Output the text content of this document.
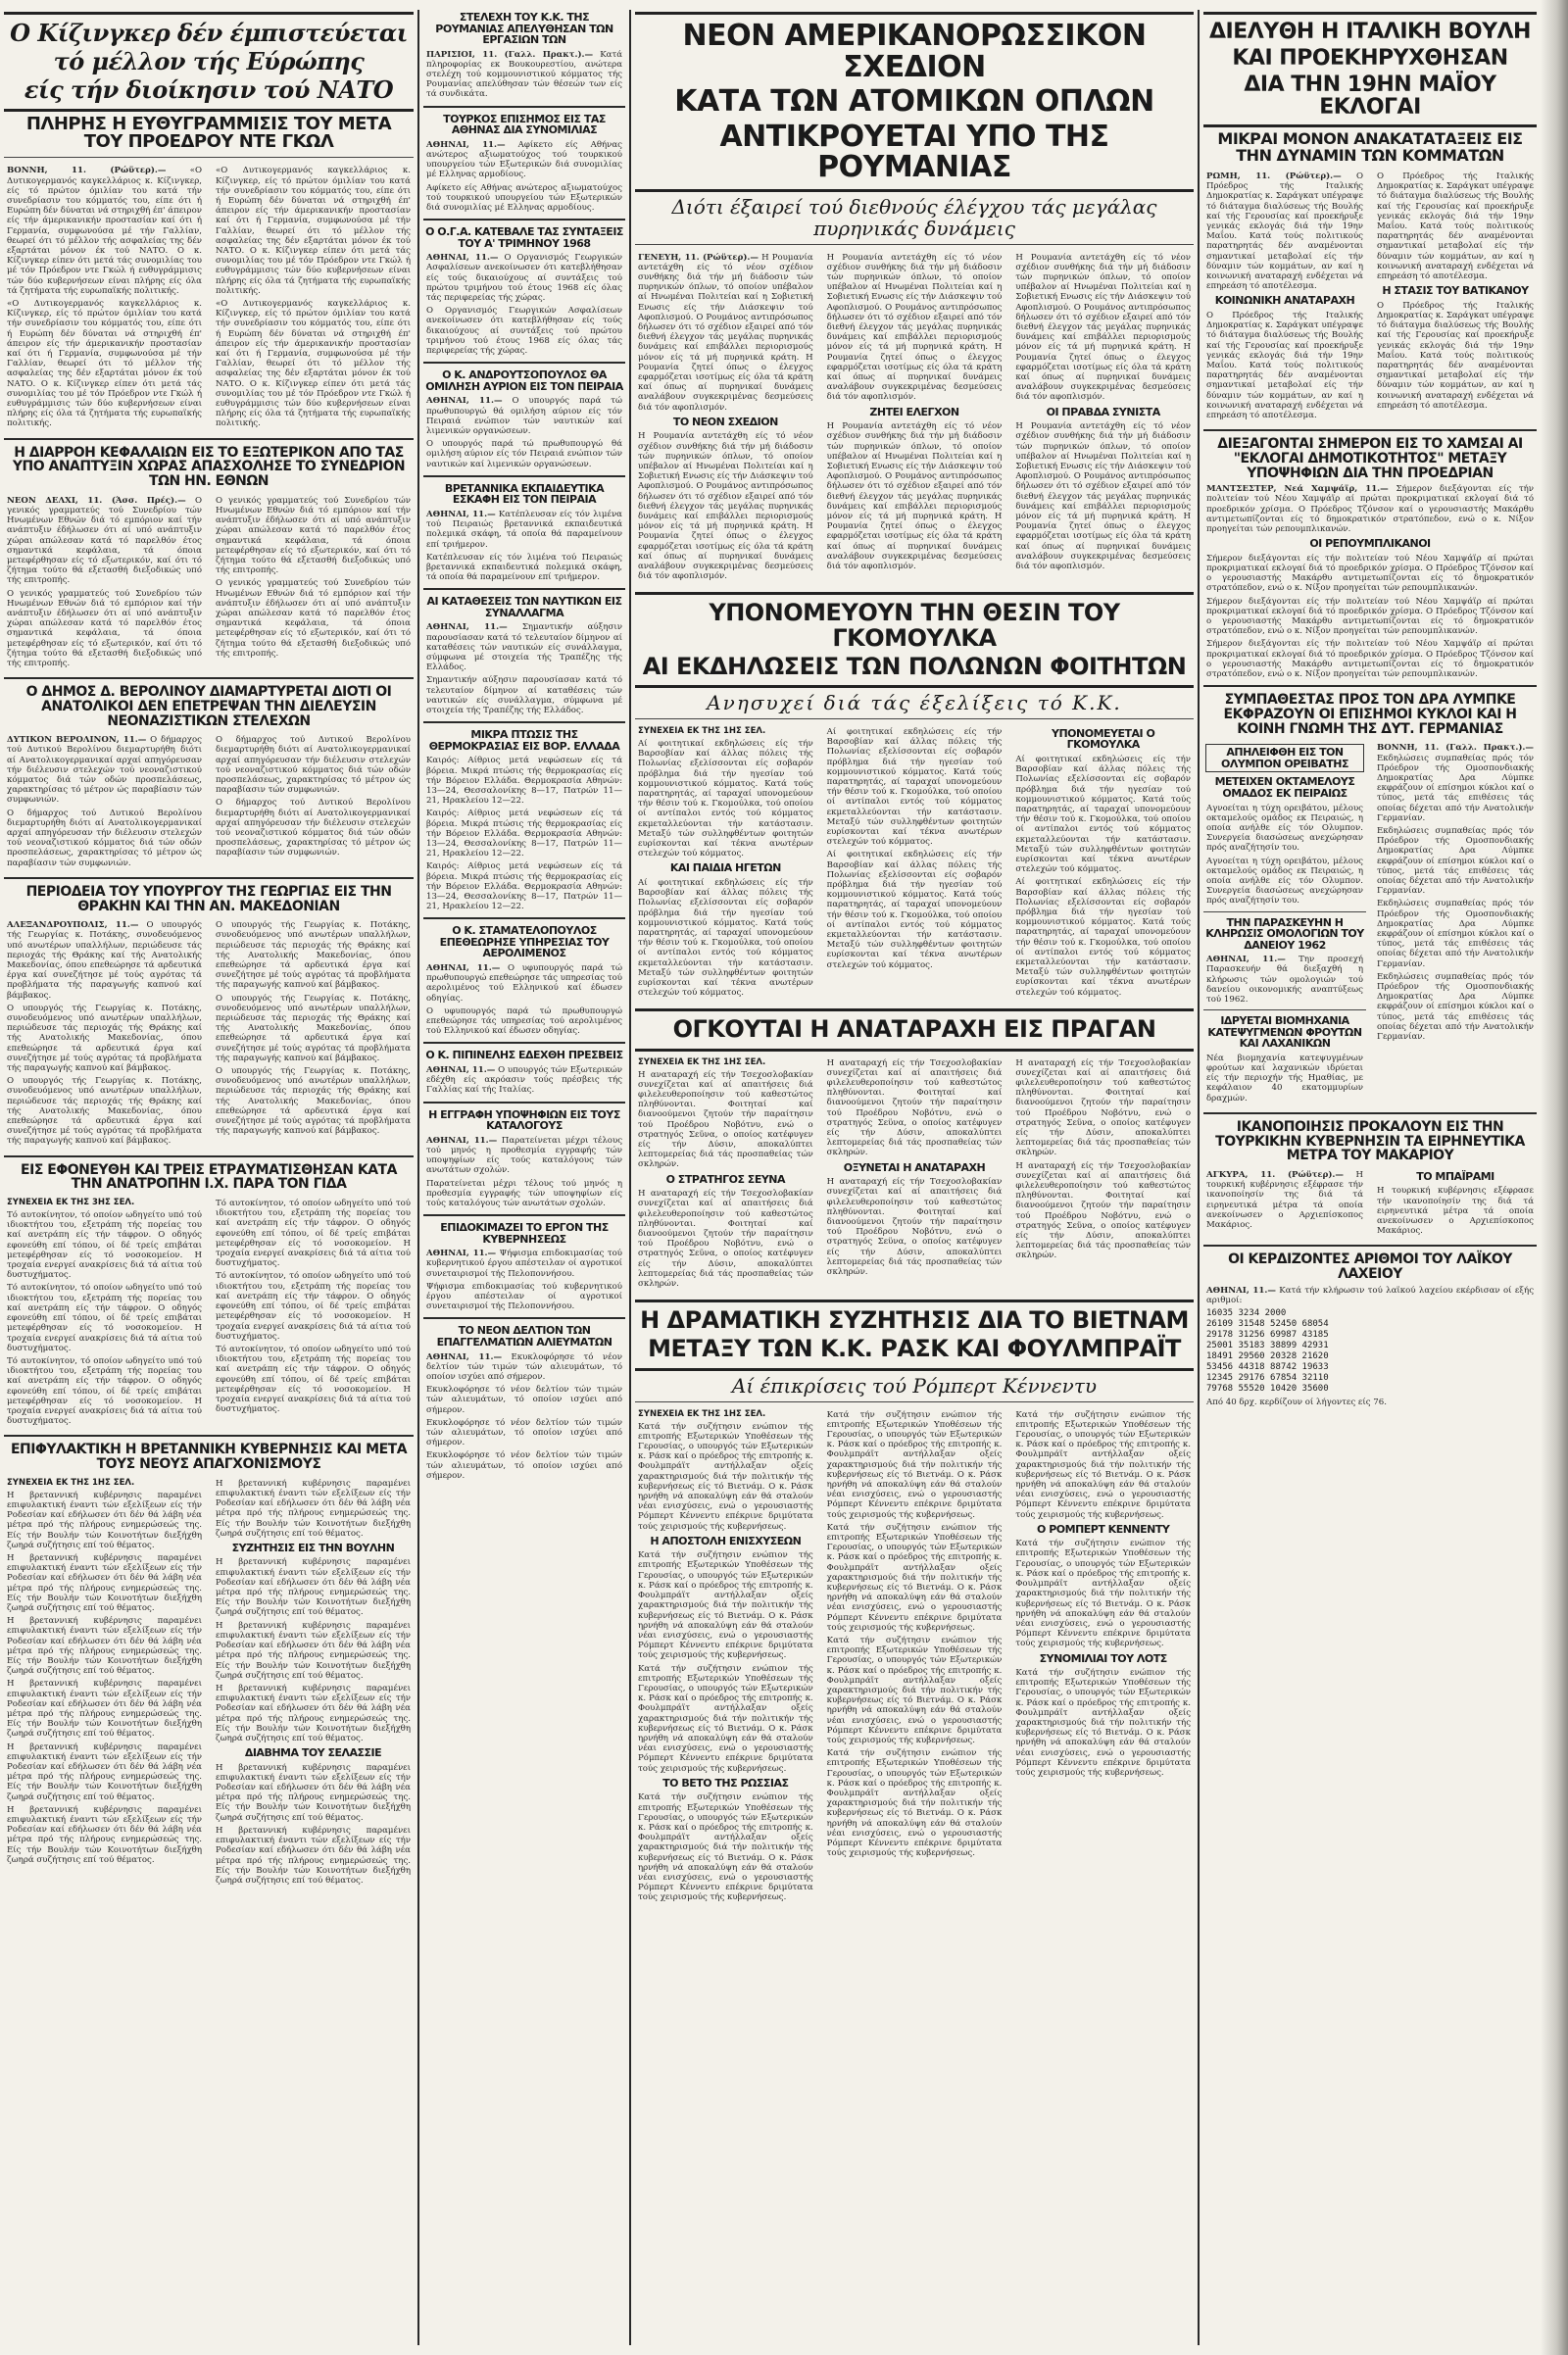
Ο Κίζινγκερ δέν έμπιστεύεται
τό μέλλον τής Εύρώπης
είς τήν διοίκησιν τού ΝΑΤΟ
ΠΛΗΡΗΣ Η ΕΥΘΥΓΡΑΜΜΙΣΙΣ ΤΟΥ ΜΕΤΑ ΤΟΥ ΠΡΟΕΔΡΟΥ ΝΤΕ ΓΚΩΛ

ΒΟΝΝΗ, 11. (Ρώϋτερ).—	«Ο Δυτικογερμανός καγκελλάριος κ. Κίζινγκερ, είς τό πρώτον όμιλίαν του κατά τήν συνεδρίασιν του κόμματός του, είπε ότι ή Ευρώπη δέν δύναται νά στηριχθή έπ' άπειρον είς τήν άμερικανικήν προστασίαν καί ότι ή Γερμανία, συμφωνούσα μέ τήν Γαλλίαν, θεωρεί ότι τό μέλλον τής ασφαλείας της δέν εξαρτάται μόνον έκ τού ΝΑΤΟ. Ο κ. Κίζινγκερ είπεν ότι μετά τάς συνομιλίας του μέ τόν Πρόεδρον ντε Γκώλ ή ευθυγράμμισις τών δύο κυβερνήσεων είναι πλήρης είς όλα τά ζητήματα τής ευρωπαϊκής πολιτικής.

«Ο Δυτικογερμανός καγκελλάριος κ. Κίζινγκερ, είς τό πρώτον όμιλίαν του κατά τήν συνεδρίασιν του κόμματός του, είπε ότι ή Ευρώπη δέν δύναται νά στηριχθή έπ' άπειρον είς τήν άμερικανικήν προστασίαν καί ότι ή Γερμανία, συμφωνούσα μέ τήν Γαλλίαν, θεωρεί ότι τό μέλλον τής ασφαλείας της δέν εξαρτάται μόνον έκ τού ΝΑΤΟ. Ο κ. Κίζινγκερ είπεν ότι μετά τάς συνομιλίας του μέ τόν Πρόεδρον ντε Γκώλ ή ευθυγράμμισις τών δύο κυβερνήσεων είναι πλήρης είς όλα τά ζητήματα τής ευρωπαϊκής πολιτικής.

«Ο Δυτικογερμανός καγκελλάριος κ. Κίζινγκερ, είς τό πρώτον όμιλίαν του κατά τήν συνεδρίασιν του κόμματός του, είπε ότι ή Ευρώπη δέν δύναται νά στηριχθή έπ' άπειρον είς τήν άμερικανικήν προστασίαν καί ότι ή Γερμανία, συμφωνούσα μέ τήν Γαλλίαν, θεωρεί ότι τό μέλλον τής ασφαλείας της δέν εξαρτάται μόνον έκ τού ΝΑΤΟ. Ο κ. Κίζινγκερ είπεν ότι μετά τάς συνομιλίας του μέ τόν Πρόεδρον ντε Γκώλ ή ευθυγράμμισις τών δύο κυβερνήσεων είναι πλήρης είς όλα τά ζητήματα τής ευρωπαϊκής πολιτικής.

«Ο Δυτικογερμανός καγκελλάριος κ. Κίζινγκερ, είς τό πρώτον όμιλίαν του κατά τήν συνεδρίασιν του κόμματός του, είπε ότι ή Ευρώπη δέν δύναται νά στηριχθή έπ' άπειρον είς τήν άμερικανικήν προστασίαν καί ότι ή Γερμανία, συμφωνούσα μέ τήν Γαλλίαν, θεωρεί ότι τό μέλλον τής ασφαλείας της δέν εξαρτάται μόνον έκ τού ΝΑΤΟ. Ο κ. Κίζινγκερ είπεν ότι μετά τάς συνομιλίας του μέ τόν Πρόεδρον ντε Γκώλ ή ευθυγράμμισις τών δύο κυβερνήσεων είναι πλήρης είς όλα τά ζητήματα τής ευρωπαϊκής πολιτικής.

Η ΔΙΑΡΡΟΗ ΚΕΦΑΛΑΙΩΝ ΕΙΣ ΤΟ ΕΞΩΤΕΡΙΚΟΝ ΑΠΟ ΤΑΣ ΥΠΟ ΑΝΑΠΤΥΞΙΝ ΧΩΡΑΣ ΑΠΑΣΧΟΛΗΣΕ ΤΟ ΣΥΝΕΔΡΙΟΝ ΤΩΝ ΗΝ. ΕΘΝΩΝ

ΝΕΟΝ ΔΕΛΧΙ, 11. (Άσσ. Πρές).— Ο γενικός γραμματεύς τού Συνεδρίου τών Ηνωμένων Εθνών διά τό εμπόριον καί τήν ανάπτυξιν έδήλωσεν ότι αί υπό ανάπτυξιν χώραι απώλεσαν κατά τό παρελθόν έτος σημαντικά κεφάλαια, τά όποια μετεφέρθησαν είς τό εξωτερικόν, καί ότι τό ζήτημα τούτο θά εξετασθή διεξοδικώς υπό τής επιτροπής.

Ο γενικός γραμματεύς τού Συνεδρίου τών Ηνωμένων Εθνών διά τό εμπόριον καί τήν ανάπτυξιν έδήλωσεν ότι αί υπό ανάπτυξιν χώραι απώλεσαν κατά τό παρελθόν έτος σημαντικά κεφάλαια, τά όποια μετεφέρθησαν είς τό εξωτερικόν, καί ότι τό ζήτημα τούτο θά εξετασθή διεξοδικώς υπό τής επιτροπής.

Ο γενικός γραμματεύς τού Συνεδρίου τών Ηνωμένων Εθνών διά τό εμπόριον καί τήν ανάπτυξιν έδήλωσεν ότι αί υπό ανάπτυξιν χώραι απώλεσαν κατά τό παρελθόν έτος σημαντικά κεφάλαια, τά όποια μετεφέρθησαν είς τό εξωτερικόν, καί ότι τό ζήτημα τούτο θά εξετασθή διεξοδικώς υπό τής επιτροπής.

Ο γενικός γραμματεύς τού Συνεδρίου τών Ηνωμένων Εθνών διά τό εμπόριον καί τήν ανάπτυξιν έδήλωσεν ότι αί υπό ανάπτυξιν χώραι απώλεσαν κατά τό παρελθόν έτος σημαντικά κεφάλαια, τά όποια μετεφέρθησαν είς τό εξωτερικόν, καί ότι τό ζήτημα τούτο θά εξετασθή διεξοδικώς υπό τής επιτροπής.

Ο ΔΗΜΟΣ Δ. ΒΕΡΟΛΙΝΟΥ ΔΙΑΜΑΡΤΥΡΕΤΑΙ ΔΙΟΤΙ ΟΙ ΑΝΑΤΟΛΙΚΟΙ ΔΕΝ ΕΠΕΤΡΕΨΑΝ ΤΗΝ ΔΙΕΛΕΥΣΙΝ ΝΕΟΝΑΖΙΣΤΙΚΩΝ ΣΤΕΛΕΧΩΝ

ΔΥΤΙΚΟΝ ΒΕΡΟΛΙΝΟΝ, 11.— Ο δήμαρχος τού Δυτικού Βερολίνου διεμαρτυρήθη διότι αί Ανατολικογερμανικαί αρχαί απηγόρευσαν τήν διέλευσιν στελεχών τού νεοναζιστικού κόμματος διά τών οδών προσπελάσεως, χαρακτηρίσας τό μέτρον ώς παραβίασιν τών συμφωνιών.

Ο δήμαρχος τού Δυτικού Βερολίνου διεμαρτυρήθη διότι αί Ανατολικογερμανικαί αρχαί απηγόρευσαν τήν διέλευσιν στελεχών τού νεοναζιστικού κόμματος διά τών οδών προσπελάσεως, χαρακτηρίσας τό μέτρον ώς παραβίασιν τών συμφωνιών.

Ο δήμαρχος τού Δυτικού Βερολίνου διεμαρτυρήθη διότι αί Ανατολικογερμανικαί αρχαί απηγόρευσαν τήν διέλευσιν στελεχών τού νεοναζιστικού κόμματος διά τών οδών προσπελάσεως, χαρακτηρίσας τό μέτρον ώς παραβίασιν τών συμφωνιών.

Ο δήμαρχος τού Δυτικού Βερολίνου διεμαρτυρήθη διότι αί Ανατολικογερμανικαί αρχαί απηγόρευσαν τήν διέλευσιν στελεχών τού νεοναζιστικού κόμματος διά τών οδών προσπελάσεως, χαρακτηρίσας τό μέτρον ώς παραβίασιν τών συμφωνιών.

ΠΕΡΙΟΔΕΙΑ ΤΟΥ ΥΠΟΥΡΓΟΥ ΤΗΣ ΓΕΩΡΓΙΑΣ ΕΙΣ ΤΗΝ ΘΡΑΚΗΝ ΚΑΙ ΤΗΝ ΑΝ. ΜΑΚΕΔΟΝΙΑΝ

ΑΛΕΞΑΝΔΡΟΥΠΟΛΙΣ, 11.— Ο υπουργός τής Γεωργίας κ. Ποτάκης, συνοδευόμενος υπό ανωτέρων υπαλλήλων, περιώδευσε τάς περιοχάς τής Θράκης καί τής Ανατολικής Μακεδονίας, όπου επεθεώρησε τά αρδευτικά έργα καί συνεζήτησε μέ τούς αγρότας τά προβλήματα τής παραγωγής καπνού καί βάμβακος.

Ο υπουργός τής Γεωργίας κ. Ποτάκης, συνοδευόμενος υπό ανωτέρων υπαλλήλων, περιώδευσε τάς περιοχάς τής Θράκης καί τής Ανατολικής Μακεδονίας, όπου επεθεώρησε τά αρδευτικά έργα καί συνεζήτησε μέ τούς αγρότας τά προβλήματα τής παραγωγής καπνού καί βάμβακος.

Ο υπουργός τής Γεωργίας κ. Ποτάκης, συνοδευόμενος υπό ανωτέρων υπαλλήλων, περιώδευσε τάς περιοχάς τής Θράκης καί τής Ανατολικής Μακεδονίας, όπου επεθεώρησε τά αρδευτικά έργα καί συνεζήτησε μέ τούς αγρότας τά προβλήματα τής παραγωγής καπνού καί βάμβακος.

Ο υπουργός τής Γεωργίας κ. Ποτάκης, συνοδευόμενος υπό ανωτέρων υπαλλήλων, περιώδευσε τάς περιοχάς τής Θράκης καί τής Ανατολικής Μακεδονίας, όπου επεθεώρησε τά αρδευτικά έργα καί συνεζήτησε μέ τούς αγρότας τά προβλήματα τής παραγωγής καπνού καί βάμβακος.

Ο υπουργός τής Γεωργίας κ. Ποτάκης, συνοδευόμενος υπό ανωτέρων υπαλλήλων, περιώδευσε τάς περιοχάς τής Θράκης καί τής Ανατολικής Μακεδονίας, όπου επεθεώρησε τά αρδευτικά έργα καί συνεζήτησε μέ τούς αγρότας τά προβλήματα τής παραγωγής καπνού καί βάμβακος.

Ο υπουργός τής Γεωργίας κ. Ποτάκης, συνοδευόμενος υπό ανωτέρων υπαλλήλων, περιώδευσε τάς περιοχάς τής Θράκης καί τής Ανατολικής Μακεδονίας, όπου επεθεώρησε τά αρδευτικά έργα καί συνεζήτησε μέ τούς αγρότας τά προβλήματα τής παραγωγής καπνού καί βάμβακος.

ΕΙΣ ΕΦΟΝΕΥΘΗ ΚΑΙ ΤΡΕΙΣ ΕΤΡΑΥΜΑΤΙΣΘΗΣΑΝ ΚΑΤΑ ΤΗΝ ΑΝΑΤΡΟΠΗΝ Ι.Χ. ΠΑΡΑ ΤΟΝ ΓΙΔΑ
ΣΥΝΕΧΕΙΑ ΕΚ ΤΗΣ 3ΗΣ ΣΕΛ.

Τό αυτοκίνητον, τό οποίον ωδηγείτο υπό τού ιδιοκτήτου του, εξετράπη τής πορείας του καί ανετράπη είς τήν τάφρον. Ο οδηγός εφονεύθη επί τόπου, οί δέ τρείς επιβάται μετεφέρθησαν είς τό νοσοκομείον. Η τροχαία ενεργεί ανακρίσεις διά τά αίτια τού δυστυχήματος.

Τό αυτοκίνητον, τό οποίον ωδηγείτο υπό τού ιδιοκτήτου του, εξετράπη τής πορείας του καί ανετράπη είς τήν τάφρον. Ο οδηγός εφονεύθη επί τόπου, οί δέ τρείς επιβάται μετεφέρθησαν είς τό νοσοκομείον. Η τροχαία ενεργεί ανακρίσεις διά τά αίτια τού δυστυχήματος.

Τό αυτοκίνητον, τό οποίον ωδηγείτο υπό τού ιδιοκτήτου του, εξετράπη τής πορείας του καί ανετράπη είς τήν τάφρον. Ο οδηγός εφονεύθη επί τόπου, οί δέ τρείς επιβάται μετεφέρθησαν είς τό νοσοκομείον. Η τροχαία ενεργεί ανακρίσεις διά τά αίτια τού δυστυχήματος.

Τό αυτοκίνητον, τό οποίον ωδηγείτο υπό τού ιδιοκτήτου του, εξετράπη τής πορείας του καί ανετράπη είς τήν τάφρον. Ο οδηγός εφονεύθη επί τόπου, οί δέ τρείς επιβάται μετεφέρθησαν είς τό νοσοκομείον. Η τροχαία ενεργεί ανακρίσεις διά τά αίτια τού δυστυχήματος.

Τό αυτοκίνητον, τό οποίον ωδηγείτο υπό τού ιδιοκτήτου του, εξετράπη τής πορείας του καί ανετράπη είς τήν τάφρον. Ο οδηγός εφονεύθη επί τόπου, οί δέ τρείς επιβάται μετεφέρθησαν είς τό νοσοκομείον. Η τροχαία ενεργεί ανακρίσεις διά τά αίτια τού δυστυχήματος.

Τό αυτοκίνητον, τό οποίον ωδηγείτο υπό τού ιδιοκτήτου του, εξετράπη τής πορείας του καί ανετράπη είς τήν τάφρον. Ο οδηγός εφονεύθη επί τόπου, οί δέ τρείς επιβάται μετεφέρθησαν είς τό νοσοκομείον. Η τροχαία ενεργεί ανακρίσεις διά τά αίτια τού δυστυχήματος.

ΕΠΙΦΥΛΑΚΤΙΚΗ Η ΒΡΕΤΑΝΝΙΚΗ ΚΥΒΕΡΝΗΣΙΣ ΚΑΙ ΜΕΤΑ ΤΟΥΣ ΝΕΟΥΣ ΑΠΑΓΧΟΝΙΣΜΟΥΣ
ΣΥΝΕΧΕΙΑ ΕΚ ΤΗΣ 1ΗΣ ΣΕΛ.

Η βρεταννική κυβέρνησις παραμένει επιφυλακτική έναντι τών εξελίξεων είς τήν Ροδεσίαν καί εδήλωσεν ότι δέν θά λάβη νέα μέτρα πρό τής πλήρους ενημερώσεώς της. Είς τήν Βουλήν τών Κοινοτήτων διεξήχθη ζωηρά συζήτησις επί τού θέματος.

Η βρεταννική κυβέρνησις παραμένει επιφυλακτική έναντι τών εξελίξεων είς τήν Ροδεσίαν καί εδήλωσεν ότι δέν θά λάβη νέα μέτρα πρό τής πλήρους ενημερώσεώς της. Είς τήν Βουλήν τών Κοινοτήτων διεξήχθη ζωηρά συζήτησις επί τού θέματος.

Η βρεταννική κυβέρνησις παραμένει επιφυλακτική έναντι τών εξελίξεων είς τήν Ροδεσίαν καί εδήλωσεν ότι δέν θά λάβη νέα μέτρα πρό τής πλήρους ενημερώσεώς της. Είς τήν Βουλήν τών Κοινοτήτων διεξήχθη ζωηρά συζήτησις επί τού θέματος.

Η βρεταννική κυβέρνησις παραμένει επιφυλακτική έναντι τών εξελίξεων είς τήν Ροδεσίαν καί εδήλωσεν ότι δέν θά λάβη νέα μέτρα πρό τής πλήρους ενημερώσεώς της. Είς τήν Βουλήν τών Κοινοτήτων διεξήχθη ζωηρά συζήτησις επί τού θέματος.

Η βρεταννική κυβέρνησις παραμένει επιφυλακτική έναντι τών εξελίξεων είς τήν Ροδεσίαν καί εδήλωσεν ότι δέν θά λάβη νέα μέτρα πρό τής πλήρους ενημερώσεώς της. Είς τήν Βουλήν τών Κοινοτήτων διεξήχθη ζωηρά συζήτησις επί τού θέματος.

Η βρεταννική κυβέρνησις παραμένει επιφυλακτική έναντι τών εξελίξεων είς τήν Ροδεσίαν καί εδήλωσεν ότι δέν θά λάβη νέα μέτρα πρό τής πλήρους ενημερώσεώς της. Είς τήν Βουλήν τών Κοινοτήτων διεξήχθη ζωηρά συζήτησις επί τού θέματος.

Η βρεταννική κυβέρνησις παραμένει επιφυλακτική έναντι τών εξελίξεων είς τήν Ροδεσίαν καί εδήλωσεν ότι δέν θά λάβη νέα μέτρα πρό τής πλήρους ενημερώσεώς της. Είς τήν Βουλήν τών Κοινοτήτων διεξήχθη ζωηρά συζήτησις επί τού θέματος.

ΣΥΖΗΤΗΣΙΣ ΕΙΣ ΤΗΝ ΒΟΥΛΗΝ

Η βρεταννική κυβέρνησις παραμένει επιφυλακτική έναντι τών εξελίξεων είς τήν Ροδεσίαν καί εδήλωσεν ότι δέν θά λάβη νέα μέτρα πρό τής πλήρους ενημερώσεώς της. Είς τήν Βουλήν τών Κοινοτήτων διεξήχθη ζωηρά συζήτησις επί τού θέματος.

Η βρεταννική κυβέρνησις παραμένει επιφυλακτική έναντι τών εξελίξεων είς τήν Ροδεσίαν καί εδήλωσεν ότι δέν θά λάβη νέα μέτρα πρό τής πλήρους ενημερώσεώς της. Είς τήν Βουλήν τών Κοινοτήτων διεξήχθη ζωηρά συζήτησις επί τού θέματος.

Η βρεταννική κυβέρνησις παραμένει επιφυλακτική έναντι τών εξελίξεων είς τήν Ροδεσίαν καί εδήλωσεν ότι δέν θά λάβη νέα μέτρα πρό τής πλήρους ενημερώσεώς της. Είς τήν Βουλήν τών Κοινοτήτων διεξήχθη ζωηρά συζήτησις επί τού θέματος.

ΔΙΑΒΗΜΑ ΤΟΥ ΣΕΛΑΣΣΙΕ

Η βρεταννική κυβέρνησις παραμένει επιφυλακτική έναντι τών εξελίξεων είς τήν Ροδεσίαν καί εδήλωσεν ότι δέν θά λάβη νέα μέτρα πρό τής πλήρους ενημερώσεώς της. Είς τήν Βουλήν τών Κοινοτήτων διεξήχθη ζωηρά συζήτησις επί τού θέματος.

Η βρεταννική κυβέρνησις παραμένει επιφυλακτική έναντι τών εξελίξεων είς τήν Ροδεσίαν καί εδήλωσεν ότι δέν θά λάβη νέα μέτρα πρό τής πλήρους ενημερώσεώς της. Είς τήν Βουλήν τών Κοινοτήτων διεξήχθη ζωηρά συζήτησις επί τού θέματος.

ΣΤΕΛΕΧΗ ΤΟΥ Κ.Κ. ΤΗΣ ΡΟΥΜΑΝΙΑΣ ΑΠΕΛΥΘΗΣΑΝ ΤΩΝ ΕΡΓΑΣΙΩΝ ΤΩΝ

ΠΑΡΙΣΙΟΙ, 11. (Γαλλ. Πρακτ.).— Κατά πληροφορίας εκ Βουκουρεστίου, ανώτερα στελέχη τού κομμουνιστικού κόμματος τής Ρουμανίας απελύθησαν τών θέσεών των είς τά συνδικάτα.

ΤΟΥΡΚΟΣ ΕΠΙΣΗΜΟΣ ΕΙΣ ΤΑΣ ΑΘΗΝΑΣ ΔΙΑ ΣΥΝΟΜΙΛΙΑΣ

ΑΘΗΝΑΙ, 11.— Αφίκετο είς Αθήνας ανώτερος αξιωματούχος τού τουρκικού υπουργείου τών Εξωτερικών διά συνομιλίας μέ Ελληνας αρμοδίους.

Αφίκετο είς Αθήνας ανώτερος αξιωματούχος τού τουρκικού υπουργείου τών Εξωτερικών διά συνομιλίας μέ Ελληνας αρμοδίους.

Ο Ο.Γ.Α. ΚΑΤΕΒΑΛΕ ΤΑΣ ΣΥΝΤΑΞΕΙΣ ΤΟΥ Α' ΤΡΙΜΗΝΟΥ 1968

ΑΘΗΝΑΙ, 11.— Ο Οργανισμός Γεωργικών Ασφαλίσεων ανεκοίνωσεν ότι κατεβλήθησαν είς τούς δικαιούχους αί συντάξεις τού πρώτου τριμήνου τού έτους 1968 είς όλας τάς περιφερείας τής χώρας.

Ο Οργανισμός Γεωργικών Ασφαλίσεων ανεκοίνωσεν ότι κατεβλήθησαν είς τούς δικαιούχους αί συντάξεις τού πρώτου τριμήνου τού έτους 1968 είς όλας τάς περιφερείας τής χώρας.

Ο Κ. ΑΝΔΡΟΥΤΣΟΠΟΥΛΟΣ ΘΑ ΟΜΙΛΗΣΗ ΑΥΡΙΟΝ ΕΙΣ ΤΟΝ ΠΕΙΡΑΙΑ

ΑΘΗΝΑΙ, 11.— Ο υπουργός παρά τώ πρωθυπουργώ θά ομιλήση αύριον είς τόν Πειραιά ενώπιον τών ναυτικών καί λιμενικών οργανώσεων.

Ο υπουργός παρά τώ πρωθυπουργώ θά ομιλήση αύριον είς τόν Πειραιά ενώπιον τών ναυτικών καί λιμενικών οργανώσεων.

ΒΡΕΤΑΝΝΙΚΑ ΕΚΠΑΙΔΕΥΤΙΚΑ ΕΣΚΑΦΗ ΕΙΣ ΤΟΝ ΠΕΙΡΑΙΑ

ΑΘΗΝΑΙ, 11.— Κατέπλευσαν είς τόν λιμένα τού Πειραιώς βρεταννικά εκπαιδευτικά πολεμικά σκάφη, τά οποία θά παραμείνουν επί τριήμερον.

Κατέπλευσαν είς τόν λιμένα τού Πειραιώς βρεταννικά εκπαιδευτικά πολεμικά σκάφη, τά οποία θά παραμείνουν επί τριήμερον.

ΑΙ ΚΑΤΑΘΕΣΕΙΣ ΤΩΝ ΝΑΥΤΙΚΩΝ ΕΙΣ ΣΥΝΑΛΛΑΓΜΑ

ΑΘΗΝΑΙ, 11.— Σημαντικήν αύξησιν παρουσίασαν κατά τό τελευταίον δίμηνον αί καταθέσεις τών ναυτικών είς συνάλλαγμα, σύμφωνα μέ στοιχεία τής Τραπέζης τής Ελλάδος.

Σημαντικήν αύξησιν παρουσίασαν κατά τό τελευταίον δίμηνον αί καταθέσεις τών ναυτικών είς συνάλλαγμα, σύμφωνα μέ στοιχεία τής Τραπέζης τής Ελλάδος.

ΜΙΚΡΑ ΠΤΩΣΙΣ ΤΗΣ ΘΕΡΜΟΚΡΑΣΙΑΣ ΕΙΣ ΒΟΡ. ΕΛΛΑΔΑ

Καιρός: Αίθριος μετά νεφώσεων είς τά βόρεια. Μικρά πτώσις τής θερμοκρασίας είς τήν Βόρειον Ελλάδα. Θερμοκρασία Αθηνών: 13—24, Θεσσαλονίκης 8—17, Πατρών 11—21, Ηρακλείου 12—22.

Καιρός: Αίθριος μετά νεφώσεων είς τά βόρεια. Μικρά πτώσις τής θερμοκρασίας είς τήν Βόρειον Ελλάδα. Θερμοκρασία Αθηνών: 13—24, Θεσσαλονίκης 8—17, Πατρών 11—21, Ηρακλείου 12—22.

Καιρός: Αίθριος μετά νεφώσεων είς τά βόρεια. Μικρά πτώσις τής θερμοκρασίας είς τήν Βόρειον Ελλάδα. Θερμοκρασία Αθηνών: 13—24, Θεσσαλονίκης 8—17, Πατρών 11—21, Ηρακλείου 12—22.

Ο Κ. ΣΤΑΜΑΤΕΛΟΠΟΥΛΟΣ ΕΠΕΘΕΩΡΗΣΕ ΥΠΗΡΕΣΙΑΣ ΤΟΥ ΑΕΡΟΛΙΜΕΝΟΣ

ΑΘΗΝΑΙ, 11.— Ο υφυπουργός παρά τώ πρωθυπουργώ επεθεώρησε τάς υπηρεσίας τού αερολιμένος τού Ελληνικού καί έδωσεν οδηγίας.

Ο υφυπουργός παρά τώ πρωθυπουργώ επεθεώρησε τάς υπηρεσίας τού αερολιμένος τού Ελληνικού καί έδωσεν οδηγίας.

Ο Κ. ΠΙΠΙΝΕΛΗΣ ΕΔΕΧΘΗ ΠΡΕΣΒΕΙΣ

ΑΘΗΝΑΙ, 11.— Ο υπουργός τών Εξωτερικών εδέχθη είς ακρόασιν τούς πρέσβεις τής Γαλλίας καί τής Ιταλίας.

Η ΕΓΓΡΑΦΗ ΥΠΟΨΗΦΙΩΝ ΕΙΣ ΤΟΥΣ ΚΑΤΑΛΟΓΟΥΣ

ΑΘΗΝΑΙ, 11.— Παρατείνεται μέχρι τέλους τού μηνός η προθεσμία εγγραφής τών υποψηφίων είς τούς καταλόγους τών ανωτάτων σχολών.

Παρατείνεται μέχρι τέλους τού μηνός η προθεσμία εγγραφής τών υποψηφίων είς τούς καταλόγους τών ανωτάτων σχολών.

ΕΠΙΔΟΚΙΜΑΖΕΙ ΤΟ ΕΡΓΟΝ ΤΗΣ ΚΥΒΕΡΝΗΣΕΩΣ

ΑΘΗΝΑΙ, 11.— Ψήφισμα επιδοκιμασίας τού κυβερνητικού έργου απέστειλαν οί αγροτικοί συνεταιρισμοί τής Πελοποννήσου.

Ψήφισμα επιδοκιμασίας τού κυβερνητικού έργου απέστειλαν οί αγροτικοί συνεταιρισμοί τής Πελοποννήσου.

ΤΟ ΝΕΟΝ ΔΕΛΤΙΟΝ ΤΩΝ ΕΠΑΓΓΕΛΜΑΤΙΩΝ ΑΛΙΕΥΜΑΤΩΝ

ΑΘΗΝΑΙ, 11.— Εκυκλοφόρησε τό νέον δελτίον τών τιμών τών αλιευμάτων, τό οποίον ισχύει από σήμερον.

Εκυκλοφόρησε τό νέον δελτίον τών τιμών τών αλιευμάτων, τό οποίον ισχύει από σήμερον.

Εκυκλοφόρησε τό νέον δελτίον τών τιμών τών αλιευμάτων, τό οποίον ισχύει από σήμερον.

Εκυκλοφόρησε τό νέον δελτίον τών τιμών τών αλιευμάτων, τό οποίον ισχύει από σήμερον.

ΝΕΟΝ ΑΜΕΡΙΚΑΝΟΡΩΣΣΙΚΟΝ ΣΧΕΔΙΟΝ
ΚΑΤΑ ΤΩΝ ΑΤΟΜΙΚΩΝ ΟΠΛΩΝ
ΑΝΤΙΚΡΟΥΕΤΑΙ ΥΠΟ ΤΗΣ ΡΟΥΜΑΝΙΑΣ
Διότι έξαιρεί τού διεθνούς έλέγχου τάς μεγάλας πυρηνικάς δυνάμεις

ΓΕΝΕΥΗ, 11. (Ρώϋτερ).— Η Ρουμανία αντετάχθη είς τό νέον σχέδιον συνθήκης διά τήν μή διάδοσιν τών πυρηνικών όπλων, τό οποίον υπέβαλον αί Ηνωμέναι Πολιτείαι καί η Σοβιετική Ενωσις είς τήν Διάσκεψιν τού Αφοπλισμού. Ο Ρουμάνος αντιπρόσωπος δήλωσεν ότι τό σχέδιον εξαιρεί από τόν διεθνή έλεγχον τάς μεγάλας πυρηνικάς δυνάμεις καί επιβάλλει περιορισμούς μόνον είς τά μή πυρηνικά κράτη. Η Ρουμανία ζητεί όπως ο έλεγχος εφαρμόζεται ισοτίμως είς όλα τά κράτη καί όπως αί πυρηνικαί δυνάμεις αναλάβουν συγκεκριμένας δεσμεύσεις διά τόν αφοπλισμόν.

ΤΟ ΝΕΟΝ ΣΧΕΔΙΟΝ

Η Ρουμανία αντετάχθη είς τό νέον σχέδιον συνθήκης διά τήν μή διάδοσιν τών πυρηνικών όπλων, τό οποίον υπέβαλον αί Ηνωμέναι Πολιτείαι καί η Σοβιετική Ενωσις είς τήν Διάσκεψιν τού Αφοπλισμού. Ο Ρουμάνος αντιπρόσωπος δήλωσεν ότι τό σχέδιον εξαιρεί από τόν διεθνή έλεγχον τάς μεγάλας πυρηνικάς δυνάμεις καί επιβάλλει περιορισμούς μόνον είς τά μή πυρηνικά κράτη. Η Ρουμανία ζητεί όπως ο έλεγχος εφαρμόζεται ισοτίμως είς όλα τά κράτη καί όπως αί πυρηνικαί δυνάμεις αναλάβουν συγκεκριμένας δεσμεύσεις διά τόν αφοπλισμόν.

Η Ρουμανία αντετάχθη είς τό νέον σχέδιον συνθήκης διά τήν μή διάδοσιν τών πυρηνικών όπλων, τό οποίον υπέβαλον αί Ηνωμέναι Πολιτείαι καί η Σοβιετική Ενωσις είς τήν Διάσκεψιν τού Αφοπλισμού. Ο Ρουμάνος αντιπρόσωπος δήλωσεν ότι τό σχέδιον εξαιρεί από τόν διεθνή έλεγχον τάς μεγάλας πυρηνικάς δυνάμεις καί επιβάλλει περιορισμούς μόνον είς τά μή πυρηνικά κράτη. Η Ρουμανία ζητεί όπως ο έλεγχος εφαρμόζεται ισοτίμως είς όλα τά κράτη καί όπως αί πυρηνικαί δυνάμεις αναλάβουν συγκεκριμένας δεσμεύσεις διά τόν αφοπλισμόν.

ΖΗΤΕΙ ΕΛΕΓΧΟΝ

Η Ρουμανία αντετάχθη είς τό νέον σχέδιον συνθήκης διά τήν μή διάδοσιν τών πυρηνικών όπλων, τό οποίον υπέβαλον αί Ηνωμέναι Πολιτείαι καί η Σοβιετική Ενωσις είς τήν Διάσκεψιν τού Αφοπλισμού. Ο Ρουμάνος αντιπρόσωπος δήλωσεν ότι τό σχέδιον εξαιρεί από τόν διεθνή έλεγχον τάς μεγάλας πυρηνικάς δυνάμεις καί επιβάλλει περιορισμούς μόνον είς τά μή πυρηνικά κράτη. Η Ρουμανία ζητεί όπως ο έλεγχος εφαρμόζεται ισοτίμως είς όλα τά κράτη καί όπως αί πυρηνικαί δυνάμεις αναλάβουν συγκεκριμένας δεσμεύσεις διά τόν αφοπλισμόν.

Η Ρουμανία αντετάχθη είς τό νέον σχέδιον συνθήκης διά τήν μή διάδοσιν τών πυρηνικών όπλων, τό οποίον υπέβαλον αί Ηνωμέναι Πολιτείαι καί η Σοβιετική Ενωσις είς τήν Διάσκεψιν τού Αφοπλισμού. Ο Ρουμάνος αντιπρόσωπος δήλωσεν ότι τό σχέδιον εξαιρεί από τόν διεθνή έλεγχον τάς μεγάλας πυρηνικάς δυνάμεις καί επιβάλλει περιορισμούς μόνον είς τά μή πυρηνικά κράτη. Η Ρουμανία ζητεί όπως ο έλεγχος εφαρμόζεται ισοτίμως είς όλα τά κράτη καί όπως αί πυρηνικαί δυνάμεις αναλάβουν συγκεκριμένας δεσμεύσεις διά τόν αφοπλισμόν.

ΟΙ ΠΡΑΒΔΑ ΣΥΝΙΣΤΑ

Η Ρουμανία αντετάχθη είς τό νέον σχέδιον συνθήκης διά τήν μή διάδοσιν τών πυρηνικών όπλων, τό οποίον υπέβαλον αί Ηνωμέναι Πολιτείαι καί η Σοβιετική Ενωσις είς τήν Διάσκεψιν τού Αφοπλισμού. Ο Ρουμάνος αντιπρόσωπος δήλωσεν ότι τό σχέδιον εξαιρεί από τόν διεθνή έλεγχον τάς μεγάλας πυρηνικάς δυνάμεις καί επιβάλλει περιορισμούς μόνον είς τά μή πυρηνικά κράτη. Η Ρουμανία ζητεί όπως ο έλεγχος εφαρμόζεται ισοτίμως είς όλα τά κράτη καί όπως αί πυρηνικαί δυνάμεις αναλάβουν συγκεκριμένας δεσμεύσεις διά τόν αφοπλισμόν.

ΥΠΟΝΟΜΕΥΟΥΝ ΤΗΝ ΘΕΣΙΝ ΤΟΥ ΓΚΟΜΟΥΛΚΑ
ΑΙ ΕΚΔΗΛΩΣΕΙΣ ΤΩΝ ΠΟΛΩΝΩΝ ΦΟΙΤΗΤΩΝ
Ανησυχεί διά τάς έξελίξεις τό Κ.Κ.
ΣΥΝΕΧΕΙΑ ΕΚ ΤΗΣ 1ΗΣ ΣΕΛ.

Αί φοιτητικαί εκδηλώσεις είς τήν Βαρσοβίαν καί άλλας πόλεις τής Πολωνίας εξελίσσονται είς σοβαρόν πρόβλημα διά τήν ηγεσίαν τού κομμουνιστικού κόμματος. Κατά τούς παρατηρητάς, αί ταραχαί υπονομεύουν τήν θέσιν τού κ. Γκομούλκα, τού οποίου οί αντίπαλοι εντός τού κόμματος εκμεταλλεύονται τήν κατάστασιν. Μεταξύ τών συλληφθέντων φοιτητών ευρίσκονται καί τέκνα ανωτέρων στελεχών τού κόμματος.

ΚΑΙ ΠΑΙΔΙΑ ΗΓΕΤΩΝ

Αί φοιτητικαί εκδηλώσεις είς τήν Βαρσοβίαν καί άλλας πόλεις τής Πολωνίας εξελίσσονται είς σοβαρόν πρόβλημα διά τήν ηγεσίαν τού κομμουνιστικού κόμματος. Κατά τούς παρατηρητάς, αί ταραχαί υπονομεύουν τήν θέσιν τού κ. Γκομούλκα, τού οποίου οί αντίπαλοι εντός τού κόμματος εκμεταλλεύονται τήν κατάστασιν. Μεταξύ τών συλληφθέντων φοιτητών ευρίσκονται καί τέκνα ανωτέρων στελεχών τού κόμματος.

Αί φοιτητικαί εκδηλώσεις είς τήν Βαρσοβίαν καί άλλας πόλεις τής Πολωνίας εξελίσσονται είς σοβαρόν πρόβλημα διά τήν ηγεσίαν τού κομμουνιστικού κόμματος. Κατά τούς παρατηρητάς, αί ταραχαί υπονομεύουν τήν θέσιν τού κ. Γκομούλκα, τού οποίου οί αντίπαλοι εντός τού κόμματος εκμεταλλεύονται τήν κατάστασιν. Μεταξύ τών συλληφθέντων φοιτητών ευρίσκονται καί τέκνα ανωτέρων στελεχών τού κόμματος.

Αί φοιτητικαί εκδηλώσεις είς τήν Βαρσοβίαν καί άλλας πόλεις τής Πολωνίας εξελίσσονται είς σοβαρόν πρόβλημα διά τήν ηγεσίαν τού κομμουνιστικού κόμματος. Κατά τούς παρατηρητάς, αί ταραχαί υπονομεύουν τήν θέσιν τού κ. Γκομούλκα, τού οποίου οί αντίπαλοι εντός τού κόμματος εκμεταλλεύονται τήν κατάστασιν. Μεταξύ τών συλληφθέντων φοιτητών ευρίσκονται καί τέκνα ανωτέρων στελεχών τού κόμματος.

ΥΠΟΝΟΜΕΥΕΤΑΙ Ο ΓΚΟΜΟΥΛΚΑ

Αί φοιτητικαί εκδηλώσεις είς τήν Βαρσοβίαν καί άλλας πόλεις τής Πολωνίας εξελίσσονται είς σοβαρόν πρόβλημα διά τήν ηγεσίαν τού κομμουνιστικού κόμματος. Κατά τούς παρατηρητάς, αί ταραχαί υπονομεύουν τήν θέσιν τού κ. Γκομούλκα, τού οποίου οί αντίπαλοι εντός τού κόμματος εκμεταλλεύονται τήν κατάστασιν. Μεταξύ τών συλληφθέντων φοιτητών ευρίσκονται καί τέκνα ανωτέρων στελεχών τού κόμματος.

Αί φοιτητικαί εκδηλώσεις είς τήν Βαρσοβίαν καί άλλας πόλεις τής Πολωνίας εξελίσσονται είς σοβαρόν πρόβλημα διά τήν ηγεσίαν τού κομμουνιστικού κόμματος. Κατά τούς παρατηρητάς, αί ταραχαί υπονομεύουν τήν θέσιν τού κ. Γκομούλκα, τού οποίου οί αντίπαλοι εντός τού κόμματος εκμεταλλεύονται τήν κατάστασιν. Μεταξύ τών συλληφθέντων φοιτητών ευρίσκονται καί τέκνα ανωτέρων στελεχών τού κόμματος.

ΟΓΚΟΥΤΑΙ Η ΑΝΑΤΑΡΑΧΗ ΕΙΣ ΠΡΑΓΑΝ
ΣΥΝΕΧΕΙΑ ΕΚ ΤΗΣ 1ΗΣ ΣΕΛ.

Η αναταραχή είς τήν Τσεχοσλοβακίαν συνεχίζεται καί αί απαιτήσεις διά φιλελευθεροποίησιν τού καθεστώτος πληθύνονται. Φοιτηταί καί διανοούμενοι ζητούν τήν παραίτησιν τού Προέδρου Νοβότνυ, ενώ ο στρατηγός Σεϋνα, ο οποίος κατέφυγεν είς τήν Δύσιν, αποκαλύπτει λεπτομερείας διά τάς προσπαθείας τών σκληρών.

Ο ΣΤΡΑΤΗΓΟΣ ΣΕΥΝΑ

Η αναταραχή είς τήν Τσεχοσλοβακίαν συνεχίζεται καί αί απαιτήσεις διά φιλελευθεροποίησιν τού καθεστώτος πληθύνονται. Φοιτηταί καί διανοούμενοι ζητούν τήν παραίτησιν τού Προέδρου Νοβότνυ, ενώ ο στρατηγός Σεϋνα, ο οποίος κατέφυγεν είς τήν Δύσιν, αποκαλύπτει λεπτομερείας διά τάς προσπαθείας τών σκληρών.

Η αναταραχή είς τήν Τσεχοσλοβακίαν συνεχίζεται καί αί απαιτήσεις διά φιλελευθεροποίησιν τού καθεστώτος πληθύνονται. Φοιτηταί καί διανοούμενοι ζητούν τήν παραίτησιν τού Προέδρου Νοβότνυ, ενώ ο στρατηγός Σεϋνα, ο οποίος κατέφυγεν είς τήν Δύσιν, αποκαλύπτει λεπτομερείας διά τάς προσπαθείας τών σκληρών.

ΟΞΥΝΕΤΑΙ Η ΑΝΑΤΑΡΑΧΗ

Η αναταραχή είς τήν Τσεχοσλοβακίαν συνεχίζεται καί αί απαιτήσεις διά φιλελευθεροποίησιν τού καθεστώτος πληθύνονται. Φοιτηταί καί διανοούμενοι ζητούν τήν παραίτησιν τού Προέδρου Νοβότνυ, ενώ ο στρατηγός Σεϋνα, ο οποίος κατέφυγεν είς τήν Δύσιν, αποκαλύπτει λεπτομερείας διά τάς προσπαθείας τών σκληρών.

Η αναταραχή είς τήν Τσεχοσλοβακίαν συνεχίζεται καί αί απαιτήσεις διά φιλελευθεροποίησιν τού καθεστώτος πληθύνονται. Φοιτηταί καί διανοούμενοι ζητούν τήν παραίτησιν τού Προέδρου Νοβότνυ, ενώ ο στρατηγός Σεϋνα, ο οποίος κατέφυγεν είς τήν Δύσιν, αποκαλύπτει λεπτομερείας διά τάς προσπαθείας τών σκληρών.

Η αναταραχή είς τήν Τσεχοσλοβακίαν συνεχίζεται καί αί απαιτήσεις διά φιλελευθεροποίησιν τού καθεστώτος πληθύνονται. Φοιτηταί καί διανοούμενοι ζητούν τήν παραίτησιν τού Προέδρου Νοβότνυ, ενώ ο στρατηγός Σεϋνα, ο οποίος κατέφυγεν είς τήν Δύσιν, αποκαλύπτει λεπτομερείας διά τάς προσπαθείας τών σκληρών.

Η ΔΡΑΜΑΤΙΚΗ ΣΥΖΗΤΗΣΙΣ ΔΙΑ ΤΟ ΒΙΕΤΝΑΜ
ΜΕΤΑΞΥ ΤΩΝ Κ.Κ. ΡΑΣΚ ΚΑΙ ΦΟΥΛΜΠΡΑΪΤ
Αί έπικρίσεις τού Ρόμπερτ Κέννεντυ
ΣΥΝΕΧΕΙΑ ΕΚ ΤΗΣ 1ΗΣ ΣΕΛ.

Κατά τήν συζήτησιν ενώπιον τής επιτροπής Εξωτερικών Υποθέσεων τής Γερουσίας, ο υπουργός τών Εξωτερικών κ. Ράσκ καί ο πρόεδρος τής επιτροπής κ. Φουλμπράϊτ αντήλλαξαν οξείς χαρακτηρισμούς διά τήν πολιτικήν τής κυβερνήσεως είς τό Βιετνάμ. Ο κ. Ράσκ ηρνήθη νά αποκαλύψη εάν θά σταλούν νέαι ενισχύσεις, ενώ ο γερουσιαστής Ρόμπερτ Κέννεντυ επέκρινε δριμύτατα τούς χειρισμούς τής κυβερνήσεως.

Η ΑΠΟΣΤΟΛΗ ΕΝΙΣΧΥΣΕΩΝ

Κατά τήν συζήτησιν ενώπιον τής επιτροπής Εξωτερικών Υποθέσεων τής Γερουσίας, ο υπουργός τών Εξωτερικών κ. Ράσκ καί ο πρόεδρος τής επιτροπής κ. Φουλμπράϊτ αντήλλαξαν οξείς χαρακτηρισμούς διά τήν πολιτικήν τής κυβερνήσεως είς τό Βιετνάμ. Ο κ. Ράσκ ηρνήθη νά αποκαλύψη εάν θά σταλούν νέαι ενισχύσεις, ενώ ο γερουσιαστής Ρόμπερτ Κέννεντυ επέκρινε δριμύτατα τούς χειρισμούς τής κυβερνήσεως.

Κατά τήν συζήτησιν ενώπιον τής επιτροπής Εξωτερικών Υποθέσεων τής Γερουσίας, ο υπουργός τών Εξωτερικών κ. Ράσκ καί ο πρόεδρος τής επιτροπής κ. Φουλμπράϊτ αντήλλαξαν οξείς χαρακτηρισμούς διά τήν πολιτικήν τής κυβερνήσεως είς τό Βιετνάμ. Ο κ. Ράσκ ηρνήθη νά αποκαλύψη εάν θά σταλούν νέαι ενισχύσεις, ενώ ο γερουσιαστής Ρόμπερτ Κέννεντυ επέκρινε δριμύτατα τούς χειρισμούς τής κυβερνήσεως.

ΤΟ ΒΕΤΟ ΤΗΣ ΡΩΣΣΙΑΣ

Κατά τήν συζήτησιν ενώπιον τής επιτροπής Εξωτερικών Υποθέσεων τής Γερουσίας, ο υπουργός τών Εξωτερικών κ. Ράσκ καί ο πρόεδρος τής επιτροπής κ. Φουλμπράϊτ αντήλλαξαν οξείς χαρακτηρισμούς διά τήν πολιτικήν τής κυβερνήσεως είς τό Βιετνάμ. Ο κ. Ράσκ ηρνήθη νά αποκαλύψη εάν θά σταλούν νέαι ενισχύσεις, ενώ ο γερουσιαστής Ρόμπερτ Κέννεντυ επέκρινε δριμύτατα τούς χειρισμούς τής κυβερνήσεως.

Κατά τήν συζήτησιν ενώπιον τής επιτροπής Εξωτερικών Υποθέσεων τής Γερουσίας, ο υπουργός τών Εξωτερικών κ. Ράσκ καί ο πρόεδρος τής επιτροπής κ. Φουλμπράϊτ αντήλλαξαν οξείς χαρακτηρισμούς διά τήν πολιτικήν τής κυβερνήσεως είς τό Βιετνάμ. Ο κ. Ράσκ ηρνήθη νά αποκαλύψη εάν θά σταλούν νέαι ενισχύσεις, ενώ ο γερουσιαστής Ρόμπερτ Κέννεντυ επέκρινε δριμύτατα τούς χειρισμούς τής κυβερνήσεως.

Κατά τήν συζήτησιν ενώπιον τής επιτροπής Εξωτερικών Υποθέσεων τής Γερουσίας, ο υπουργός τών Εξωτερικών κ. Ράσκ καί ο πρόεδρος τής επιτροπής κ. Φουλμπράϊτ αντήλλαξαν οξείς χαρακτηρισμούς διά τήν πολιτικήν τής κυβερνήσεως είς τό Βιετνάμ. Ο κ. Ράσκ ηρνήθη νά αποκαλύψη εάν θά σταλούν νέαι ενισχύσεις, ενώ ο γερουσιαστής Ρόμπερτ Κέννεντυ επέκρινε δριμύτατα τούς χειρισμούς τής κυβερνήσεως.

Κατά τήν συζήτησιν ενώπιον τής επιτροπής Εξωτερικών Υποθέσεων τής Γερουσίας, ο υπουργός τών Εξωτερικών κ. Ράσκ καί ο πρόεδρος τής επιτροπής κ. Φουλμπράϊτ αντήλλαξαν οξείς χαρακτηρισμούς διά τήν πολιτικήν τής κυβερνήσεως είς τό Βιετνάμ. Ο κ. Ράσκ ηρνήθη νά αποκαλύψη εάν θά σταλούν νέαι ενισχύσεις, ενώ ο γερουσιαστής Ρόμπερτ Κέννεντυ επέκρινε δριμύτατα τούς χειρισμούς τής κυβερνήσεως.

Κατά τήν συζήτησιν ενώπιον τής επιτροπής Εξωτερικών Υποθέσεων τής Γερουσίας, ο υπουργός τών Εξωτερικών κ. Ράσκ καί ο πρόεδρος τής επιτροπής κ. Φουλμπράϊτ αντήλλαξαν οξείς χαρακτηρισμούς διά τήν πολιτικήν τής κυβερνήσεως είς τό Βιετνάμ. Ο κ. Ράσκ ηρνήθη νά αποκαλύψη εάν θά σταλούν νέαι ενισχύσεις, ενώ ο γερουσιαστής Ρόμπερτ Κέννεντυ επέκρινε δριμύτατα τούς χειρισμούς τής κυβερνήσεως.

Κατά τήν συζήτησιν ενώπιον τής επιτροπής Εξωτερικών Υποθέσεων τής Γερουσίας, ο υπουργός τών Εξωτερικών κ. Ράσκ καί ο πρόεδρος τής επιτροπής κ. Φουλμπράϊτ αντήλλαξαν οξείς χαρακτηρισμούς διά τήν πολιτικήν τής κυβερνήσεως είς τό Βιετνάμ. Ο κ. Ράσκ ηρνήθη νά αποκαλύψη εάν θά σταλούν νέαι ενισχύσεις, ενώ ο γερουσιαστής Ρόμπερτ Κέννεντυ επέκρινε δριμύτατα τούς χειρισμούς τής κυβερνήσεως.

Ο ΡΟΜΠΕΡΤ ΚΕΝΝΕΝΤΥ

Κατά τήν συζήτησιν ενώπιον τής επιτροπής Εξωτερικών Υποθέσεων τής Γερουσίας, ο υπουργός τών Εξωτερικών κ. Ράσκ καί ο πρόεδρος τής επιτροπής κ. Φουλμπράϊτ αντήλλαξαν οξείς χαρακτηρισμούς διά τήν πολιτικήν τής κυβερνήσεως είς τό Βιετνάμ. Ο κ. Ράσκ ηρνήθη νά αποκαλύψη εάν θά σταλούν νέαι ενισχύσεις, ενώ ο γερουσιαστής Ρόμπερτ Κέννεντυ επέκρινε δριμύτατα τούς χειρισμούς τής κυβερνήσεως.

ΣΥΝΟΜΙΛΙΑΙ ΤΟΥ ΛΟΤΣ

Κατά τήν συζήτησιν ενώπιον τής επιτροπής Εξωτερικών Υποθέσεων τής Γερουσίας, ο υπουργός τών Εξωτερικών κ. Ράσκ καί ο πρόεδρος τής επιτροπής κ. Φουλμπράϊτ αντήλλαξαν οξείς χαρακτηρισμούς διά τήν πολιτικήν τής κυβερνήσεως είς τό Βιετνάμ. Ο κ. Ράσκ ηρνήθη νά αποκαλύψη εάν θά σταλούν νέαι ενισχύσεις, ενώ ο γερουσιαστής Ρόμπερτ Κέννεντυ επέκρινε δριμύτατα τούς χειρισμούς τής κυβερνήσεως.

ΔΙΕΛΥΘΗ Η ΙΤΑΛΙΚΗ ΒΟΥΛΗ
ΚΑΙ ΠΡΟΕΚΗΡΥΧΘΗΣΑΝ
ΔΙΑ ΤΗΝ 19ΗΝ ΜΑΪΟΥ ΕΚΛΟΓΑΙ
ΜΙΚΡΑΙ ΜΟΝΟΝ ΑΝΑΚΑΤΑΤΑΞΕΙΣ ΕΙΣ ΤΗΝ ΔΥΝΑΜΙΝ ΤΩΝ ΚΟΜΜΑΤΩΝ

ΡΩΜΗ, 11. (Ρώϋτερ).— Ο Πρόεδρος τής Ιταλικής Δημοκρατίας κ. Σαράγκατ υπέγραψε τό διάταγμα διαλύσεως τής Βουλής καί τής Γερουσίας καί προεκήρυξε γενικάς εκλογάς διά τήν 19ην Μαΐου. Κατά τούς πολιτικούς παρατηρητάς δέν αναμένονται σημαντικαί μεταβολαί είς τήν δύναμιν τών κομμάτων, αν καί η κοινωνική αναταραχή ενδέχεται νά επηρεάση τό αποτέλεσμα.

ΚΟΙΝΩΝΙΚΗ ΑΝΑΤΑΡΑΧΗ

Ο Πρόεδρος τής Ιταλικής Δημοκρατίας κ. Σαράγκατ υπέγραψε τό διάταγμα διαλύσεως τής Βουλής καί τής Γερουσίας καί προεκήρυξε γενικάς εκλογάς διά τήν 19ην Μαΐου. Κατά τούς πολιτικούς παρατηρητάς δέν αναμένονται σημαντικαί μεταβολαί είς τήν δύναμιν τών κομμάτων, αν καί η κοινωνική αναταραχή ενδέχεται νά επηρεάση τό αποτέλεσμα.

Ο Πρόεδρος τής Ιταλικής Δημοκρατίας κ. Σαράγκατ υπέγραψε τό διάταγμα διαλύσεως τής Βουλής καί τής Γερουσίας καί προεκήρυξε γενικάς εκλογάς διά τήν 19ην Μαΐου. Κατά τούς πολιτικούς παρατηρητάς δέν αναμένονται σημαντικαί μεταβολαί είς τήν δύναμιν τών κομμάτων, αν καί η κοινωνική αναταραχή ενδέχεται νά επηρεάση τό αποτέλεσμα.

Η ΣΤΑΣΙΣ ΤΟΥ ΒΑΤΙΚΑΝΟΥ

Ο Πρόεδρος τής Ιταλικής Δημοκρατίας κ. Σαράγκατ υπέγραψε τό διάταγμα διαλύσεως τής Βουλής καί τής Γερουσίας καί προεκήρυξε γενικάς εκλογάς διά τήν 19ην Μαΐου. Κατά τούς πολιτικούς παρατηρητάς δέν αναμένονται σημαντικαί μεταβολαί είς τήν δύναμιν τών κομμάτων, αν καί η κοινωνική αναταραχή ενδέχεται νά επηρεάση τό αποτέλεσμα.

ΔΙΕΞΑΓΟΝΤΑΙ ΣΗΜΕΡΟΝ ΕΙΣ ΤΟ ΧΑΜΣΑΙ ΑΙ "ΕΚΛΟΓΑΙ ΔΗΜΟΤΙΚΟΤΗΤΟΣ" ΜΕΤΑΞΥ ΥΠΟΨΗΦΙΩΝ ΔΙΑ ΤΗΝ ΠΡΟΕΔΡΙΑΝ

ΜΑΝΤΣΕΣΤΕΡ, Νεά Χαμψάϊρ, 11.— Σήμερον διεξάγονται είς τήν πολιτείαν τού Νέου Χαμψάϊρ αί πρώται προκριματικαί εκλογαί διά τό προεδρικόν χρίσμα. Ο Πρόεδρος Τζόνσον καί ο γερουσιαστής Μακάρθυ αντιμετωπίζονται είς τό δημοκρατικόν στρατόπεδον, ενώ ο κ. Νίξον προηγείται τών ρεπουμπλικανών.

ΟΙ ΡΕΠΟΥΜΠΛΙΚΑΝΟΙ

Σήμερον διεξάγονται είς τήν πολιτείαν τού Νέου Χαμψάϊρ αί πρώται προκριματικαί εκλογαί διά τό προεδρικόν χρίσμα. Ο Πρόεδρος Τζόνσον καί ο γερουσιαστής Μακάρθυ αντιμετωπίζονται είς τό δημοκρατικόν στρατόπεδον, ενώ ο κ. Νίξον προηγείται τών ρεπουμπλικανών.

Σήμερον διεξάγονται είς τήν πολιτείαν τού Νέου Χαμψάϊρ αί πρώται προκριματικαί εκλογαί διά τό προεδρικόν χρίσμα. Ο Πρόεδρος Τζόνσον καί ο γερουσιαστής Μακάρθυ αντιμετωπίζονται είς τό δημοκρατικόν στρατόπεδον, ενώ ο κ. Νίξον προηγείται τών ρεπουμπλικανών.

Σήμερον διεξάγονται είς τήν πολιτείαν τού Νέου Χαμψάϊρ αί πρώται προκριματικαί εκλογαί διά τό προεδρικόν χρίσμα. Ο Πρόεδρος Τζόνσον καί ο γερουσιαστής Μακάρθυ αντιμετωπίζονται είς τό δημοκρατικόν στρατόπεδον, ενώ ο κ. Νίξον προηγείται τών ρεπουμπλικανών.

ΣΥΜΠΑΘΕΣΤΑΣ ΠΡΟΣ ΤΟΝ ΔΡΑ ΛΥΜΠΚΕ ΕΚΦΡΑΖΟΥΝ ΟΙ ΕΠΙΣΗΜΟΙ ΚΥΚΛΟΙ ΚΑΙ Η ΚΟΙΝΗ ΓΝΩΜΗ ΤΗΣ ΔΥΤ. ΓΕΡΜΑΝΙΑΣ
ΑΠΗΛΕΙΦΘΗ ΕΙΣ ΤΟΝ ΟΛΥΜΠΟΝ ΟΡΕΙΒΑΤΗΣ
ΜΕΤΕΙΧΕΝ ΟΚΤΑΜΕΛΟΥΣ ΟΜΑΔΟΣ ΕΚ ΠΕΙΡΑΙΩΣ

Αγνοείται η τύχη ορειβάτου, μέλους οκταμελούς ομάδος εκ Πειραιώς, η οποία ανήλθε είς τόν Ολυμπον. Συνεργεία διασώσεως ανεχώρησαν πρός αναζήτησίν του.

Αγνοείται η τύχη ορειβάτου, μέλους οκταμελούς ομάδος εκ Πειραιώς, η οποία ανήλθε είς τόν Ολυμπον. Συνεργεία διασώσεως ανεχώρησαν πρός αναζήτησίν του.

ΤΗΝ ΠΑΡΑΣΚΕΥΗΝ Η ΚΛΗΡΩΣΙΣ ΟΜΟΛΟΓΙΩΝ ΤΟΥ ΔΑΝΕΙΟΥ 1962

ΑΘΗΝΑΙ, 11.— Την προσεχή Παρασκευήν θά διεξαχθή η κλήρωσις τών ομολογιών τού δανείου οικονομικής αναπτύξεως τού 1962.

ΙΔΡΥΕΤΑΙ ΒΙΟΜΗΧΑΝΙΑ ΚΑΤΕΨΥΓΜΕΝΩΝ ΦΡΟΥΤΩΝ ΚΑΙ ΛΑΧΑΝΙΚΩΝ

Νέα βιομηχανία κατεψυγμένων φρούτων καί λαχανικών ιδρύεται είς τήν περιοχήν τής Ημαθίας, με κεφάλαιον 40 εκατομμυρίων δραχμών.

ΒΟΝΝΗ, 11. (Γαλλ. Πρακτ.).— Εκδηλώσεις συμπαθείας πρός τόν Πρόεδρον τής Ομοσπονδιακής Δημοκρατίας Δρα Λύμπκε εκφράζουν οί επίσημοι κύκλοι καί ο τύπος, μετά τάς επιθέσεις τάς οποίας δέχεται από τήν Ανατολικήν Γερμανίαν.

Εκδηλώσεις συμπαθείας πρός τόν Πρόεδρον τής Ομοσπονδιακής Δημοκρατίας Δρα Λύμπκε εκφράζουν οί επίσημοι κύκλοι καί ο τύπος, μετά τάς επιθέσεις τάς οποίας δέχεται από τήν Ανατολικήν Γερμανίαν.

Εκδηλώσεις συμπαθείας πρός τόν Πρόεδρον τής Ομοσπονδιακής Δημοκρατίας Δρα Λύμπκε εκφράζουν οί επίσημοι κύκλοι καί ο τύπος, μετά τάς επιθέσεις τάς οποίας δέχεται από τήν Ανατολικήν Γερμανίαν.

Εκδηλώσεις συμπαθείας πρός τόν Πρόεδρον τής Ομοσπονδιακής Δημοκρατίας Δρα Λύμπκε εκφράζουν οί επίσημοι κύκλοι καί ο τύπος, μετά τάς επιθέσεις τάς οποίας δέχεται από τήν Ανατολικήν Γερμανίαν.

ΙΚΑΝΟΠΟΙΗΣΙΣ ΠΡΟΚΑΛΟΥΝ ΕΙΣ ΤΗΝ ΤΟΥΡΚΙΚΗΝ ΚΥΒΕΡΝΗΣΙΝ ΤΑ ΕΙΡΗΝΕΥΤΙΚΑ ΜΕΤΡΑ ΤΟΥ ΜΑΚΑΡΙΟΥ

ΑΓΚΥΡΑ, 11. (Ρώϋτερ).— Η τουρκική κυβέρνησις εξέφρασε τήν ικανοποίησίν της διά τά ειρηνευτικά μέτρα τά οποία ανεκοίνωσεν ο Αρχιεπίσκοπος Μακάριος.

ΤΟ ΜΠΑΪΡΑΜΙ

Η τουρκική κυβέρνησις εξέφρασε τήν ικανοποίησίν της διά τά ειρηνευτικά μέτρα τά οποία ανεκοίνωσεν ο Αρχιεπίσκοπος Μακάριος.

ΟΙ ΚΕΡΔΙΖΟΝΤΕΣ ΑΡΙΘΜΟΙ ΤΟΥ ΛΑΪΚΟΥ ΛΑΧΕΙΟΥ

ΑΘΗΝΑΙ, 11.— Κατά τήν κλήρωσιν τού λαϊκού λαχείου εκέρδισαν οί εξής αριθμοί:

16035 3234 2000
26109 31548 52450 68054
29178 31256 69987 43185
25001 35183 38899 42931
18491 29560 20328 21620
53456 44318 88742 19633
12345 29176 67854 32110
79768 55520 10420 35600

Από 40 δρχ. κερδίζουν οί λήγοντες είς 76.
